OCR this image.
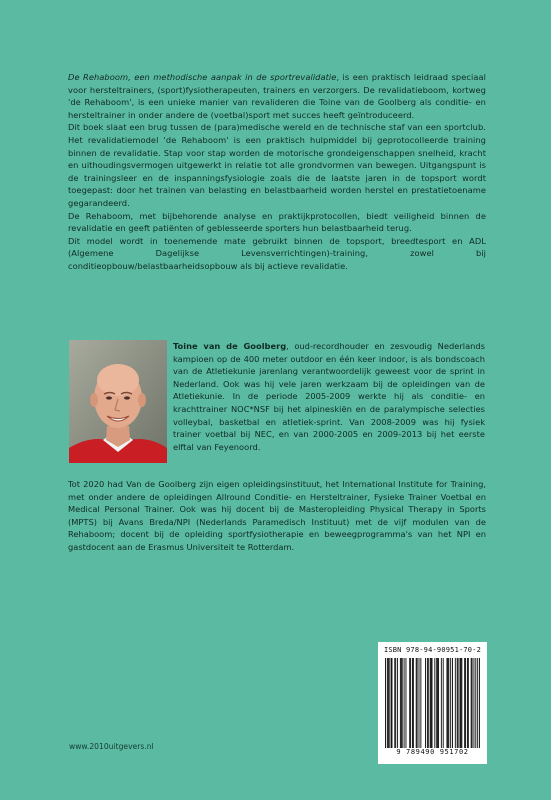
De Rehaboom, een methodische aanpak in de sportrevalidatie, is een praktisch leidraad speciaal voor hersteltrainers, (sport)fysiotherapeuten, trainers en verzorgers. De revalidatieboom, kortweg 'de Rehaboom', is een unieke manier van revalideren die Toine van de Goolberg als conditie- en hersteltrainer in onder andere de (voetbal)sport met succes heeft geïntroduceerd.

Dit boek slaat een brug tussen de (para)medische wereld en de technische staf van een sportclub. Het revalidatiemodel 'de Rehaboom' is een praktisch hulpmiddel bij geprotocolleerde training binnen de revalidatie. Stap voor stap worden de motorische grondeigenschappen snelheid, kracht en uithoudingsvermogen uitgewerkt in relatie tot alle grondvormen van bewegen. Uitgangspunt is de trainingsleer en de inspanningsfysiologie zoals die de laatste jaren in de topsport wordt toegepast: door het trainen van belasting en belastbaarheid worden herstel en prestatietoename gegarandeerd.

De Rehaboom, met bijbehorende analyse en praktijkprotocollen, biedt veiligheid binnen de revalidatie en geeft patiënten of geblesseerde sporters hun belastbaarheid terug.

Dit model wordt in toenemende mate gebruikt binnen de topsport, breedtesport en ADL (Algemene Dagelijkse Levensverrichtingen)-training, zowel bij conditieopbouw/belastbaarheidsopbouw als bij actieve revalidatie.

Toine van de Goolberg, oud-recordhouder en zesvoudig Nederlands kampioen op de 400 meter outdoor en één keer indoor, is als bondscoach van de Atletiekunie jarenlang verantwoordelijk geweest voor de sprint in Nederland. Ook was hij vele jaren werkzaam bij de opleidingen van de Atletiekunie. In de periode 2005-2009 werkte hij als conditie- en krachttrainer NOC*NSF bij het alpineskiën en de paralympische selecties volleybal, basketbal en atletiek-sprint. Van 2008-2009 was hij fysiek trainer voetbal bij NEC, en van 2000-2005 en 2009-2013 bij het eerste elftal van Feyenoord.

Tot 2020 had Van de Goolberg zijn eigen opleidingsinstituut, het International Institute for Training, met onder andere de opleidingen Allround Conditie- en Hersteltrainer, Fysieke Trainer Voetbal en Medical Personal Trainer. Ook was hij docent bij de Masteropleiding Physical Therapy in Sports (MPTS) bij Avans Breda/NPI (Nederlands Paramedisch Instituut) met de vijf modulen van de Rehaboom; docent bij de opleiding sportfysiotherapie en beweegprogramma's van het NPI en gastdocent aan de Erasmus Universiteit te Rotterdam.

ISBN 978-94-90951-70-2
9 789490 951702
www.2010uitgevers.nl
